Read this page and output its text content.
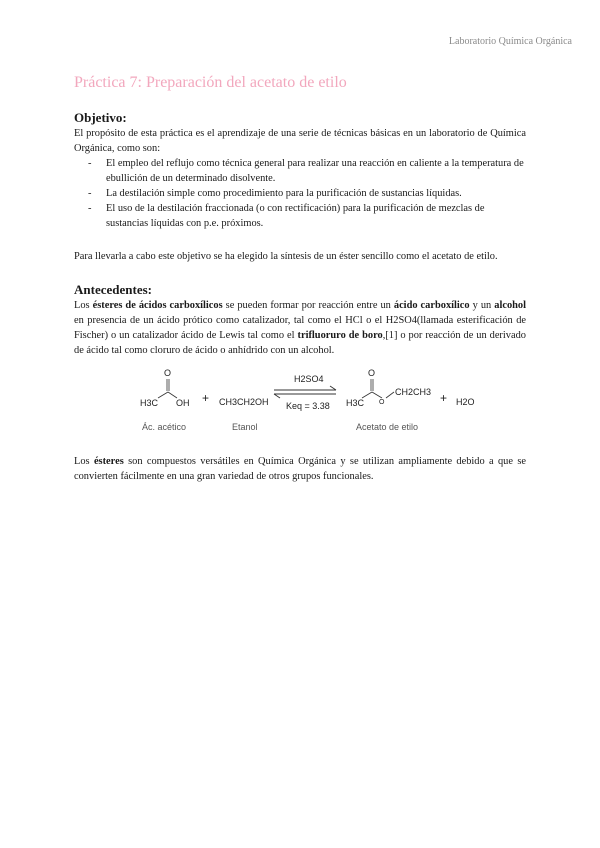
Laboratorio Química Orgánica
Práctica 7: Preparación del acetato de etilo
Objetivo:

El propósito de esta práctica es el aprendizaje de una serie de técnicas básicas en un laboratorio de Química Orgánica, como son:

- El empleo del reflujo como técnica general para realizar una reacción en caliente a la temperatura de ebullición de un determinado disolvente.
- La destilación simple como procedimiento para la purificación de sustancias líquidas.
- El uso de la destilación fraccionada (o con rectificación) para la purificación de mezclas de sustancias líquidas con p.e. próximos.

Para llevarla a cabo este objetivo se ha elegido la síntesis de un éster sencillo como el acetato de etilo.

Antecedentes:

Los ésteres de ácidos carboxílicos se pueden formar por reacción entre un ácido carboxílico y un alcohol en presencia de un ácido prótico como catalizador, tal como el HCl o el H2SO4(llamada esterificación de Fischer) o un catalizador ácido de Lewis tal como el trifluoruro de boro,[1] o por reacción de un derivado de ácido tal como cloruro de ácido o anhídrido con un alcohol.

O
H3C OH
Ác. acético
+ CH3CH2OH
Etanol
H2SO4
Keq = 3.38
O
H3C O
CH2CH3
Acetato de etilo
+ H2O

Los ésteres son compuestos versátiles en Química Orgánica y se utilizan ampliamente debido a que se convierten fácilmente en una gran variedad de otros grupos funcionales.
